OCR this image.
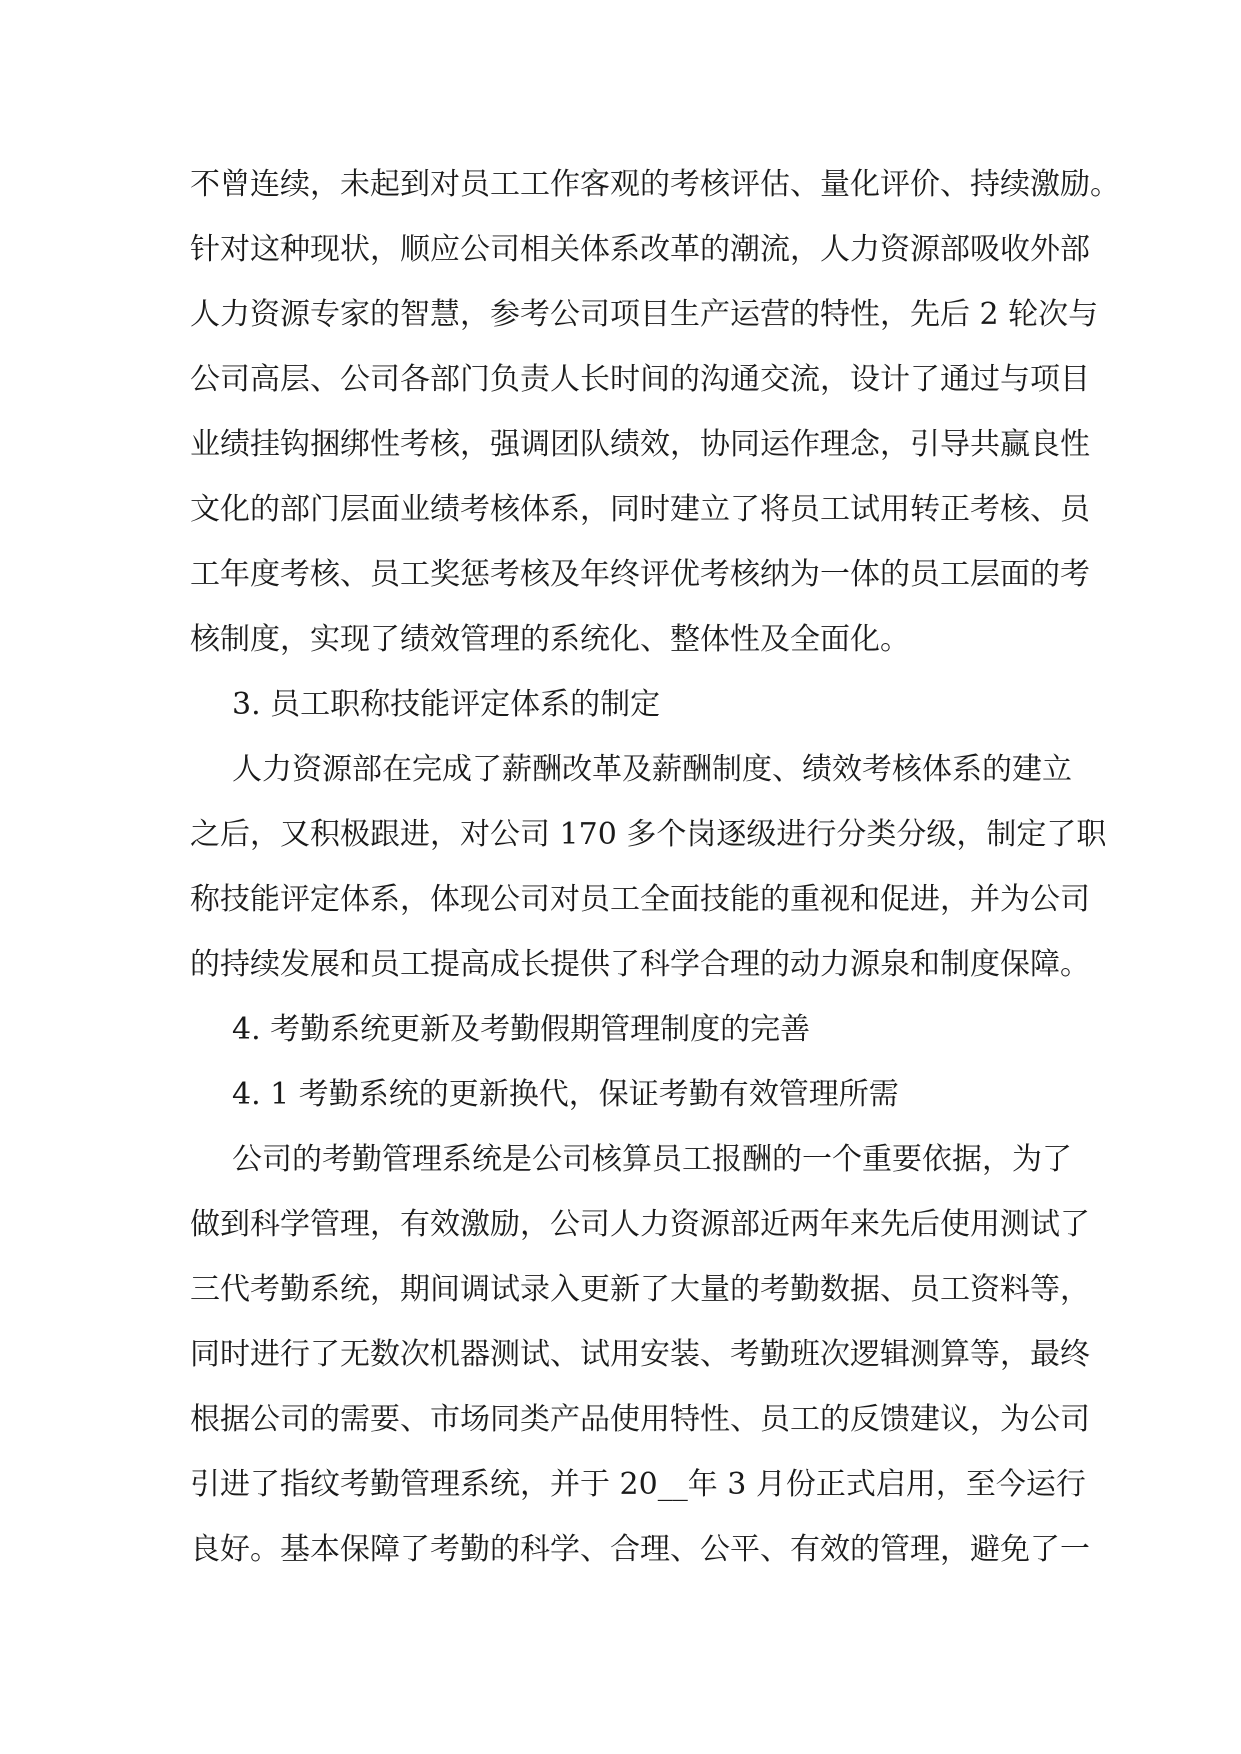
不曾连续，未起到对员工工作客观的考核评估、量化评价、持续激励。
针对这种现状，顺应公司相关体系改革的潮流，人力资源部吸收外部
人力资源专家的智慧，参考公司项目生产运营的特性，先后 2 轮次与
公司高层、公司各部门负责人长时间的沟通交流，设计了通过与项目
业绩挂钩捆绑性考核，强调团队绩效，协同运作理念，引导共赢良性
文化的部门层面业绩考核体系，同时建立了将员工试用转正考核、员
工年度考核、员工奖惩考核及年终评优考核纳为一体的员工层面的考
核制度，实现了绩效管理的系统化、整体性及全面化。
3. 员工职称技能评定体系的制定
人力资源部在完成了薪酬改革及薪酬制度、绩效考核体系的建立
之后，又积极跟进，对公司 170 多个岗逐级进行分类分级，制定了职
称技能评定体系，体现公司对员工全面技能的重视和促进，并为公司
的持续发展和员工提高成长提供了科学合理的动力源泉和制度保障。
4. 考勤系统更新及考勤假期管理制度的完善
4. 1 考勤系统的更新换代，保证考勤有效管理所需
公司的考勤管理系统是公司核算员工报酬的一个重要依据，为了
做到科学管理，有效激励，公司人力资源部近两年来先后使用测试了
三代考勤系统，期间调试录入更新了大量的考勤数据、员工资料等，
同时进行了无数次机器测试、试用安装、考勤班次逻辑测算等，最终
根据公司的需要、市场同类产品使用特性、员工的反馈建议，为公司
引进了指纹考勤管理系统，并于 20__年 3 月份正式启用，至今运行
良好。基本保障了考勤的科学、合理、公平、有效的管理，避免了一
